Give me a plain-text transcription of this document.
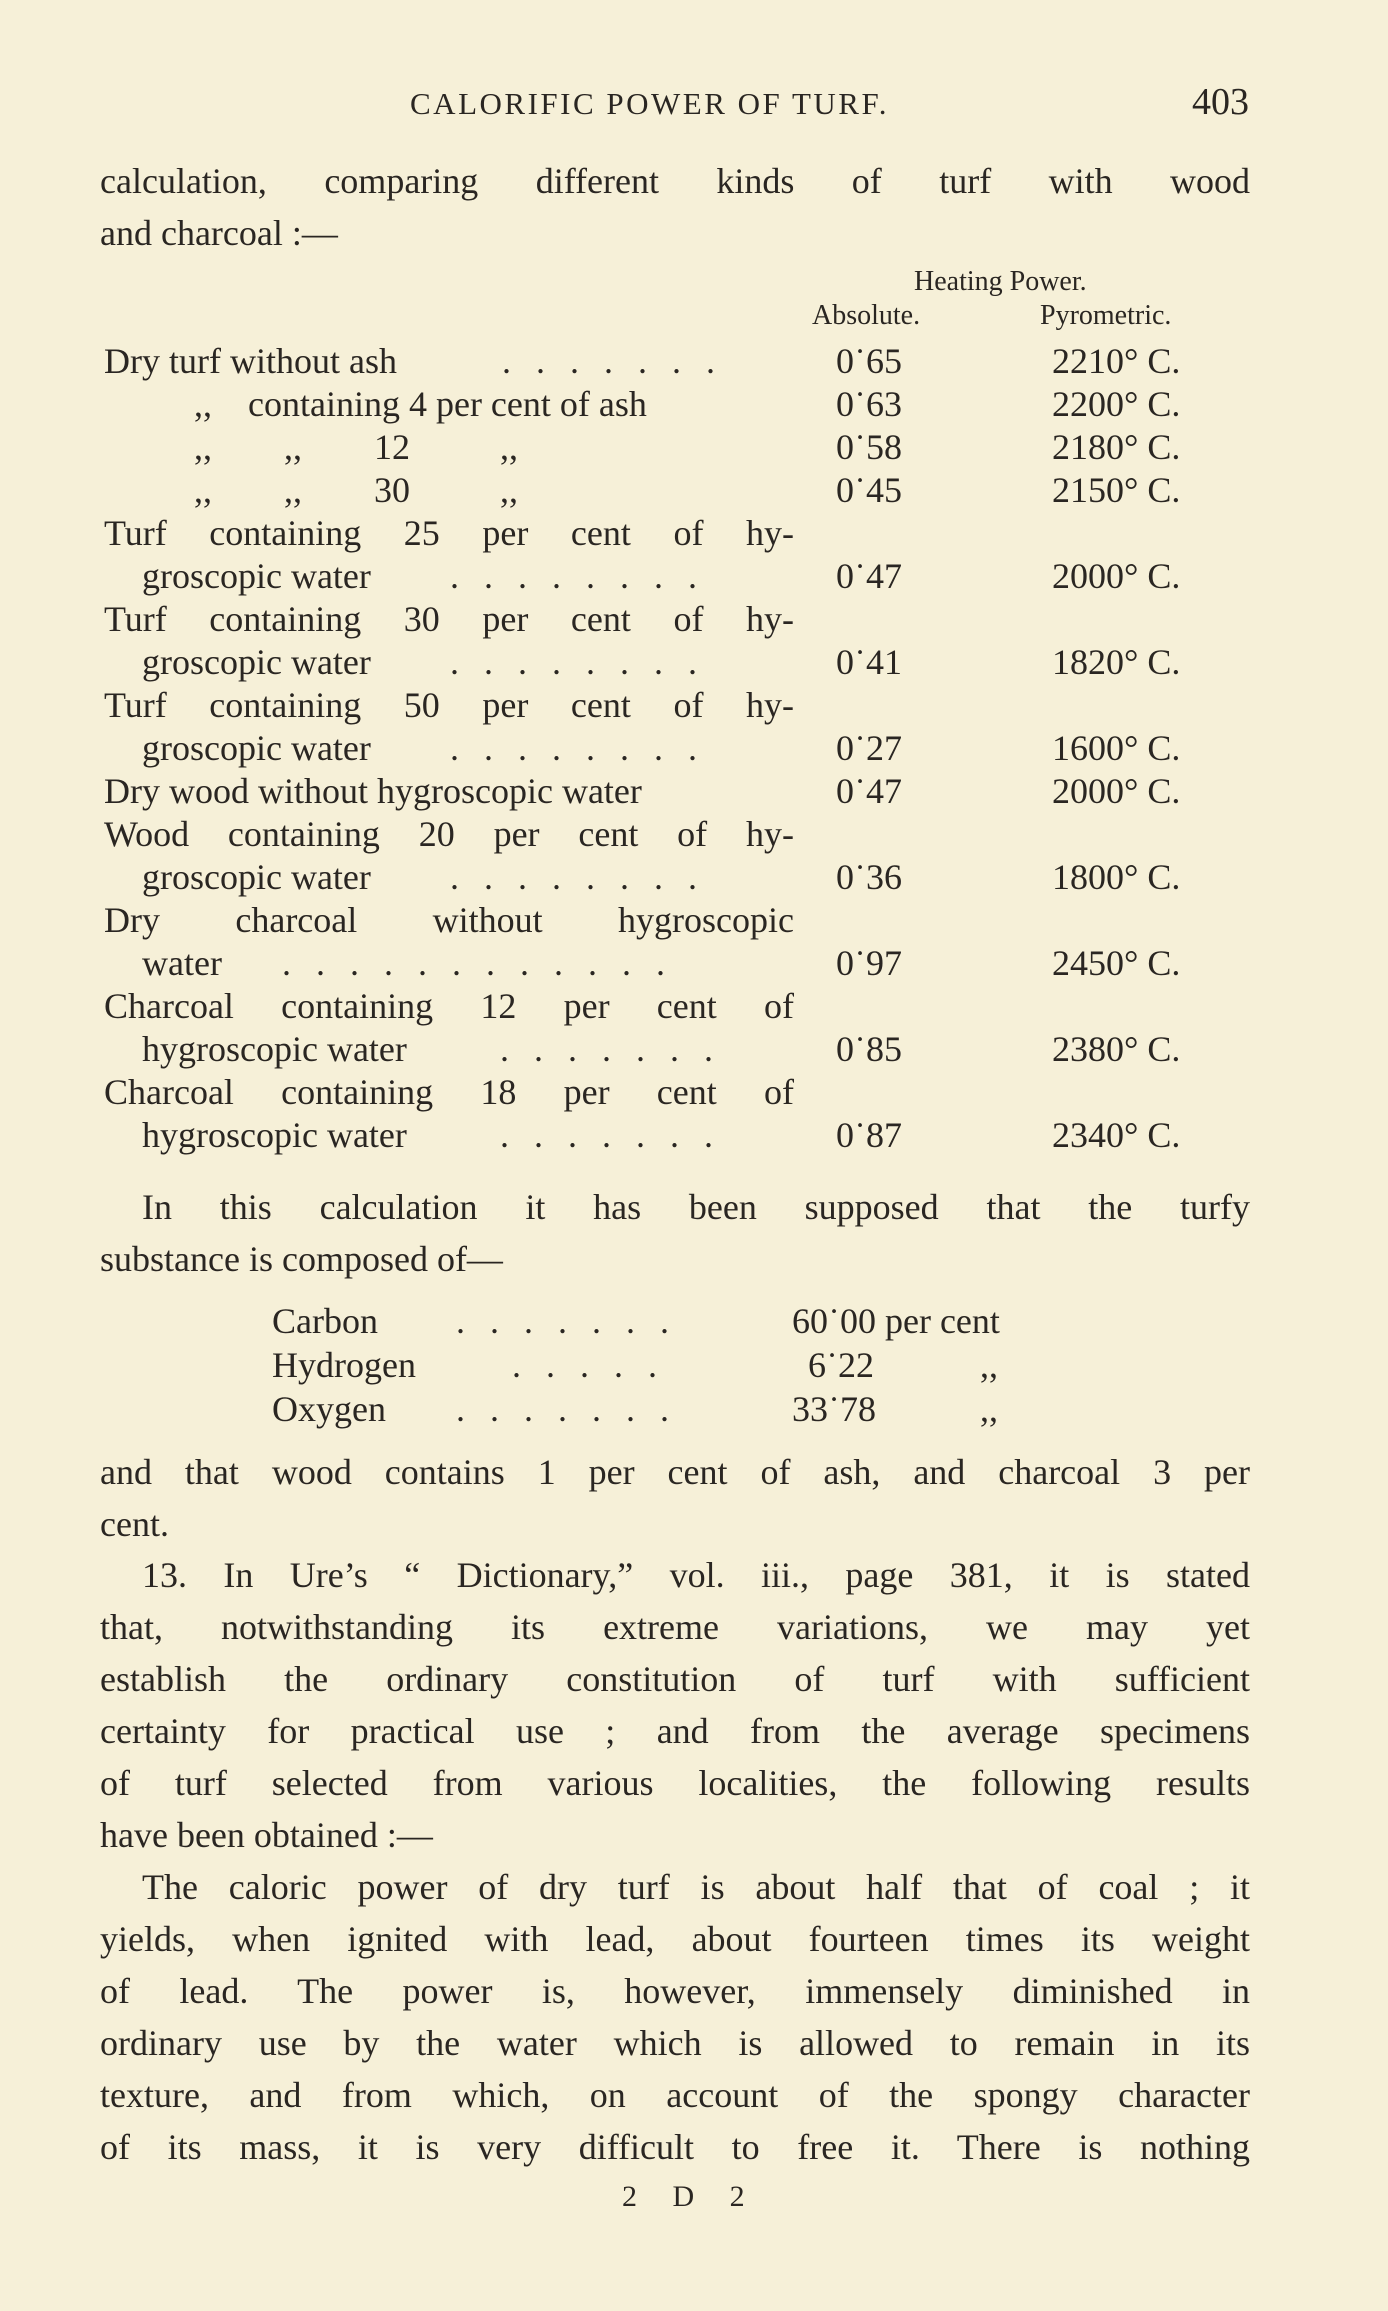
CALORIFIC POWER OF TURF.	403
calculation, comparing different kinds of turf with wood
and charcoal :—
Heating Power.
Absolute.	Pyrometric.
Dry turf without ash	. . . . . . .	0˙65	2210° C.
,,    containing 4 per cent of ash	0˙63	2200° C.
,,        ,,        12          ,,	0˙58	2180° C.
,,        ,,        30          ,,	0˙45	2150° C.
Turf containing 25 per cent of hy-
groscopic water . . . . . . . .	0˙47	2000° C.
Turf containing 30 per cent of hy-
groscopic water . . . . . . . .	0˙41	1820° C.
Turf containing 50 per cent of hy-
groscopic water . . . . . . . .	0˙27	1600° C.
Dry wood without hygroscopic water	0˙47	2000° C.
Wood containing 20 per cent of hy-
groscopic water . . . . . . . .	0˙36	1800° C.
Dry charcoal without hygroscopic
water . . . . . . . . . . . .	0˙97	2450° C.
Charcoal containing 12 per cent of
hygroscopic water	. . . . . . .	0˙85	2380° C.
Charcoal containing 18 per cent of
hygroscopic water	. . . . . . .	0˙87	2340° C.
In this calculation it has been supposed that the turfy
substance is composed of—
Carbon . . . . . . .	60˙00 per cent
Hydrogen	. . . . .	6˙22	,,
Oxygen . . . . . . .	33˙78	,,
and that wood contains 1 per cent of ash, and charcoal 3 per
cent.
13. In Ure’s “ Dictionary,” vol. iii., page 381, it is stated
that, notwithstanding its extreme variations, we may yet
establish the ordinary constitution of turf with sufficient
certainty for practical use ; and from the average specimens
of turf selected from various localities, the following results
have been obtained :—
The caloric power of dry turf is about half that of coal ; it
yields, when ignited with lead, about fourteen times its weight
of lead. The power is, however, immensely diminished in
ordinary use by the water which is allowed to remain in its
texture, and from which, on account of the spongy character
of its mass, it is very difficult to free it. There is nothing
2 D 2
